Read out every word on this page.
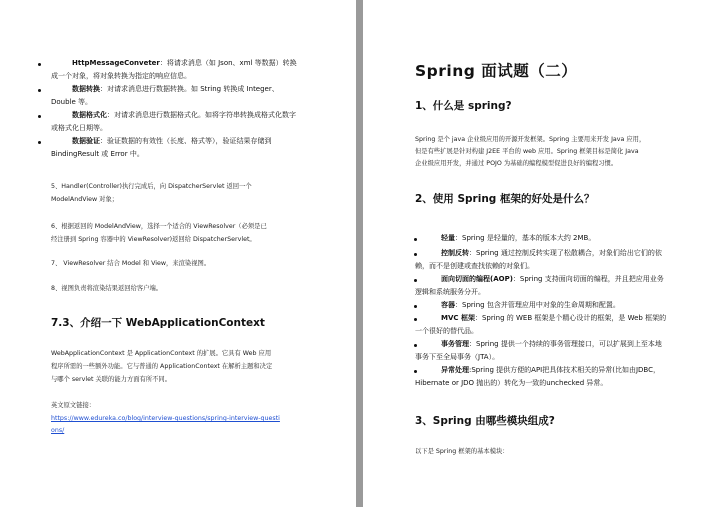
HttpMessageConveter：将请求消息（如 Json、xml 等数据）转换
成一个对象，将对象转换为指定的响应信息。
数据转换：对请求消息进行数据转换。如 String 转换成 Integer、
Double 等。
数据格式化：对请求消息进行数据格式化。如将字符串转换成格式化数字
或格式化日期等。
数据验证：验证数据的有效性（长度、格式等），验证结果存储到
BindingResult 或 Error 中。
5、Handler(Controller)执行完成后，向 DispatcherServlet 返回一个
ModelAndView 对象；
6、根据返回的 ModelAndView，选择一个适合的 ViewResolver（必须是已
经注册到 Spring 容器中的 ViewResolver)返回给 DispatcherServlet。
7、 ViewResolver 结合 Model 和 View，来渲染视图。
8、视图负责将渲染结果返回给客户端。
7.3、介绍一下 WebApplicationContext
WebApplicationContext 是 ApplicationContext 的扩展。它具有 Web 应用
程序所需的一些额外功能。它与普通的 ApplicationContext 在解析主题和决定
与哪个 servlet 关联的能力方面有所不同。
英文原文链接：
https://www.edureka.co/blog/interview-questions/spring-interview-questi
ons/
Spring 面试题（二）
1、什么是 spring?
Spring 是个 java 企业级应用的开源开发框架。Spring 主要用来开发 Java 应用，
但是有些扩展是针对构建 J2EE 平台的 web 应用。Spring 框架目标是简化 Java
企业级应用开发，并通过 POJO 为基础的编程模型促进良好的编程习惯。
2、使用 Spring 框架的好处是什么？
轻量：Spring 是轻量的，基本的版本大约 2MB。
控制反转：Spring 通过控制反转实现了松散耦合，对象们给出它们的依
赖，而不是创建或查找依赖的对象们。
面向切面的编程(AOP)：Spring 支持面向切面的编程，并且把应用业务
逻辑和系统服务分开。
容器：Spring 包含并管理应用中对象的生命周期和配置。
MVC 框架：Spring 的 WEB 框架是个精心设计的框架，是 Web 框架的
一个很好的替代品。
事务管理：Spring 提供一个持续的事务管理接口，可以扩展到上至本地
事务下至全局事务（JTA）。
异常处理:Spring 提供方便的API把具体技术相关的异常(比如由JDBC，
Hibernate or JDO 抛出的）转化为一致的unchecked 异常。
3、Spring 由哪些模块组成?
以下是 Spring 框架的基本模块：
